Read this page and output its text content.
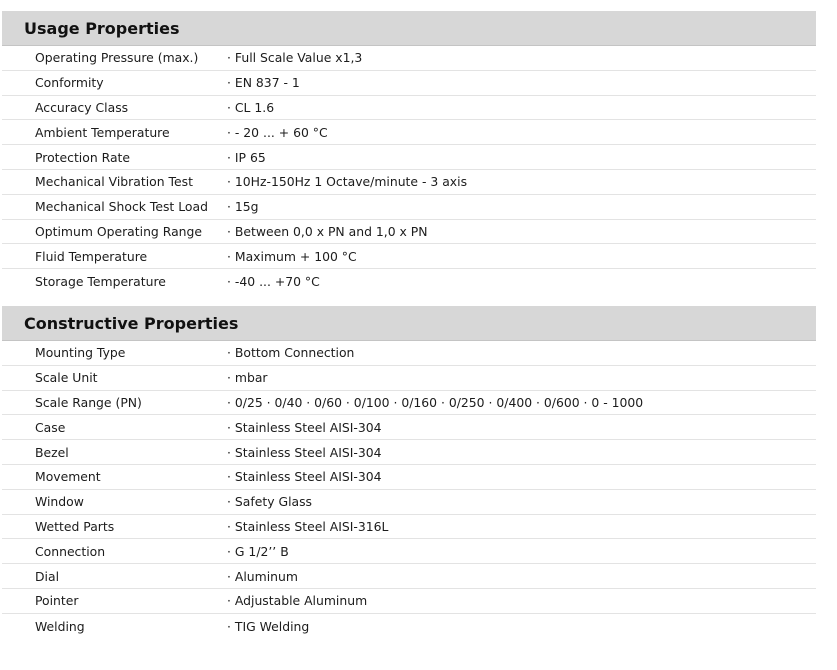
Usage Properties
Operating Pressure (max.)	· Full Scale Value x1,3
Conformity	· EN 837 - 1
Accuracy Class	· CL 1.6
Ambient Temperature	· - 20 ... + 60 °C
Protection Rate	· IP 65
Mechanical Vibration Test	· 10Hz-150Hz 1 Octave/minute - 3 axis
Mechanical Shock Test Load	· 15g
Optimum Operating Range	· Between 0,0 x PN and 1,0 x PN
Fluid Temperature	· Maximum + 100 °C
Storage Temperature	· -40 ... +70 °C
Constructive Properties
Mounting Type	· Bottom Connection
Scale Unit	· mbar
Scale Range (PN)	· 0/25 · 0/40 · 0/60 · 0/100 · 0/160 · 0/250 · 0/400 · 0/600 · 0 - 1000
Case	· Stainless Steel AISI-304
Bezel	· Stainless Steel AISI-304
Movement	· Stainless Steel AISI-304
Window	· Safety Glass
Wetted Parts	· Stainless Steel AISI-316L
Connection	· G 1/2’’ B
Dial	· Aluminum
Pointer	· Adjustable Aluminum
Welding	· TIG Welding
